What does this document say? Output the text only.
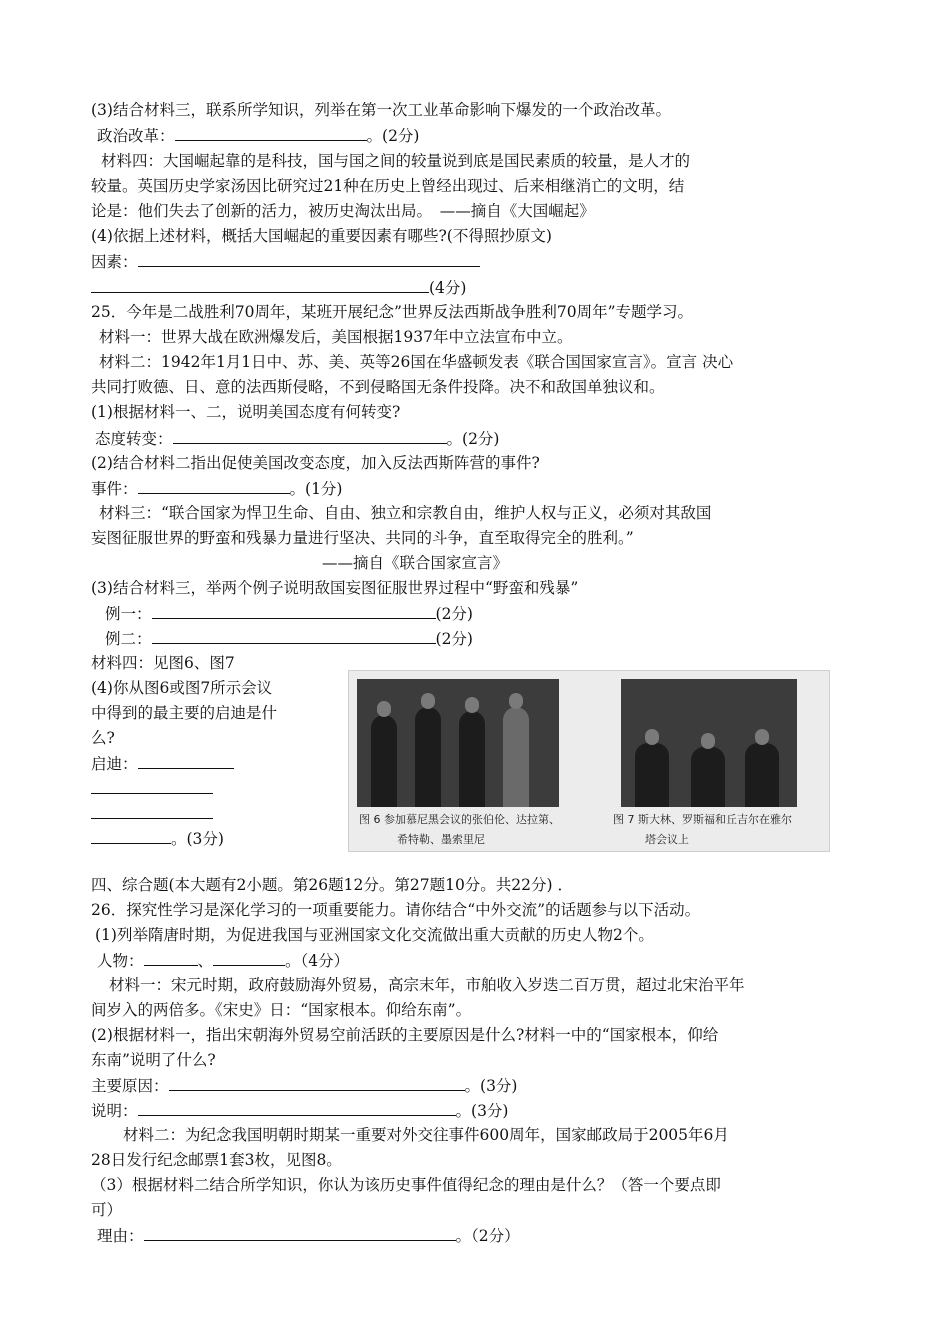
(3)结合材料三，联系所学知识，列举在第一次工业革命影响下爆发的一个政治改革。
政治改革：	。(2分)
材料四：大国崛起靠的是科技，国与国之间的较量说到底是国民素质的较量，是人才的
较量。英国历史学家汤因比研究过21种在历史上曾经出现过、后来相继消亡的文明，结
论是：他们失去了创新的活力，被历史淘汰出局。　——摘自《大国崛起》
(4)依据上述材料，概括大国崛起的重要因素有哪些?(不得照抄原文)
因素：
(4分)
25．今年是二战胜利70周年，某班开展纪念”世界反法西斯战争胜利70周年”专题学习。
材料一：世界大战在欧洲爆发后，美国根据1937年中立法宣布中立。
材料二：1942年1月1日中、苏、美、英等26国在华盛顿发表《联合国国家宣言》。宣言 决心
共同打败德、日、意的法西斯侵略，不到侵略国无条件投降。决不和敌国单独议和。
(1)根据材料一、二，说明美国态度有何转变?
态度转变：	。(2分)
(2)结合材料二指出促使美国改变态度，加入反法西斯阵营的事件?
事件：	。(1分)
材料三：“联合国家为悍卫生命、自由、独立和宗教自由，维护人权与正义，必须对其敌国
妄图征服世界的野蛮和残暴力量进行坚决、共同的斗争，直至取得完全的胜利。”
——摘自《联合国家宣言》
(3)结合材料三，举两个例子说明敌国妄图征服世界过程中“野蛮和残暴”
例一：	(2分)
例二：	(2分)
材料四：见图6、图7
(4)你从图6或图7所示会议
中得到的最主要的启迪是什
么?
启迪：
。(3分)
图 6 参加慕尼黑会议的张伯伦、达拉第、
希特勒、墨索里尼
图 7 斯大林、罗斯福和丘吉尔在雅尔
塔会议上
四、综合题(本大题有2小题。第26题12分。第27题10分。共22分) ．
26．探究性学习是深化学习的一项重要能力。请你结合“中外交流”的话题参与以下活动。
(1)列举隋唐时期，为促进我国与亚洲国家文化交流做出重大贡献的历史人物2个。
人物：	、	。（4分）
材料一：宋元时期，政府鼓励海外贸易，高宗末年，市舶收入岁迭二百万贯，超过北宋治平年
间岁入的两倍多。《宋史》日：“国家根本。仰给东南”。
(2)根据材料一，指出宋朝海外贸易空前活跃的主要原因是什么?材料一中的“国家根本，仰给
东南”说明了什么?
主要原因：	。(3分)
说明：	。(3分)
材料二：为纪念我国明朝时期某一重要对外交往事件600周年，国家邮政局于2005年6月
28日发行纪念邮票1套3枚，见图8。
（3）根据材料二结合所学知识，你认为该历史事件值得纪念的理由是什么？（答一个要点即
可）
理由：	。（2分）
